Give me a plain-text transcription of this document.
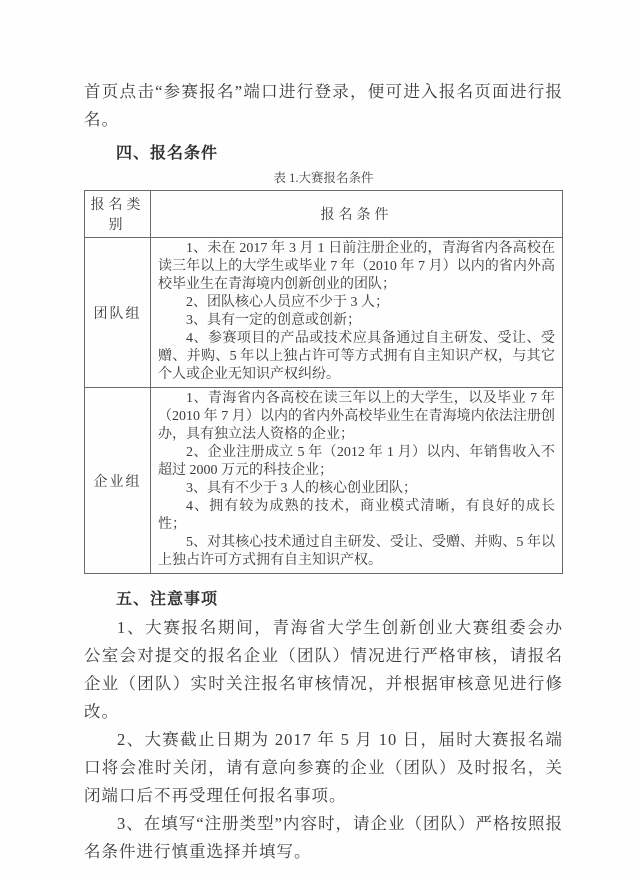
首页点击“参赛报名”端口进行登录，便可进入报名页面进行报名。

四、报名条件
表 1.大赛报名条件
报名类别	报名条件
团队组	1、未在 2017 年 3 月 1 日前注册企业的，青海省内各高校在读三年以上的大学生或毕业 7 年（2010 年 7 月）以内的省内外高校毕业生在青海境内创新创业的团队；

2、团队核心人员应不少于 3 人；

3、具有一定的创意或创新；

4、参赛项目的产品或技术应具备通过自主研发、受让、受赠、并购、5 年以上独占许可等方式拥有自主知识产权，与其它个人或企业无知识产权纠纷。

企业组	1、青海省内各高校在读三年以上的大学生，以及毕业 7 年（2010 年 7 月）以内的省内外高校毕业生在青海境内依法注册创办，具有独立法人资格的企业；

2、企业注册成立 5 年（2012 年 1 月）以内、年销售收入不超过 2000 万元的科技企业；

3、具有不少于 3 人的核心创业团队；

4、拥有较为成熟的技术，商业模式清晰，有良好的成长性；

5、对其核心技术通过自主研发、受让、受赠、并购、5 年以上独占许可方式拥有自主知识产权。

五、注意事项

1、大赛报名期间，青海省大学生创新创业大赛组委会办公室会对提交的报名企业（团队）情况进行严格审核，请报名企业（团队）实时关注报名审核情况，并根据审核意见进行修改。

2、大赛截止日期为 2017 年 5 月 10 日，届时大赛报名端口将会准时关闭，请有意向参赛的企业（团队）及时报名，关闭端口后不再受理任何报名事项。

3、在填写“注册类型”内容时，请企业（团队）严格按照报名条件进行慎重选择并填写。
